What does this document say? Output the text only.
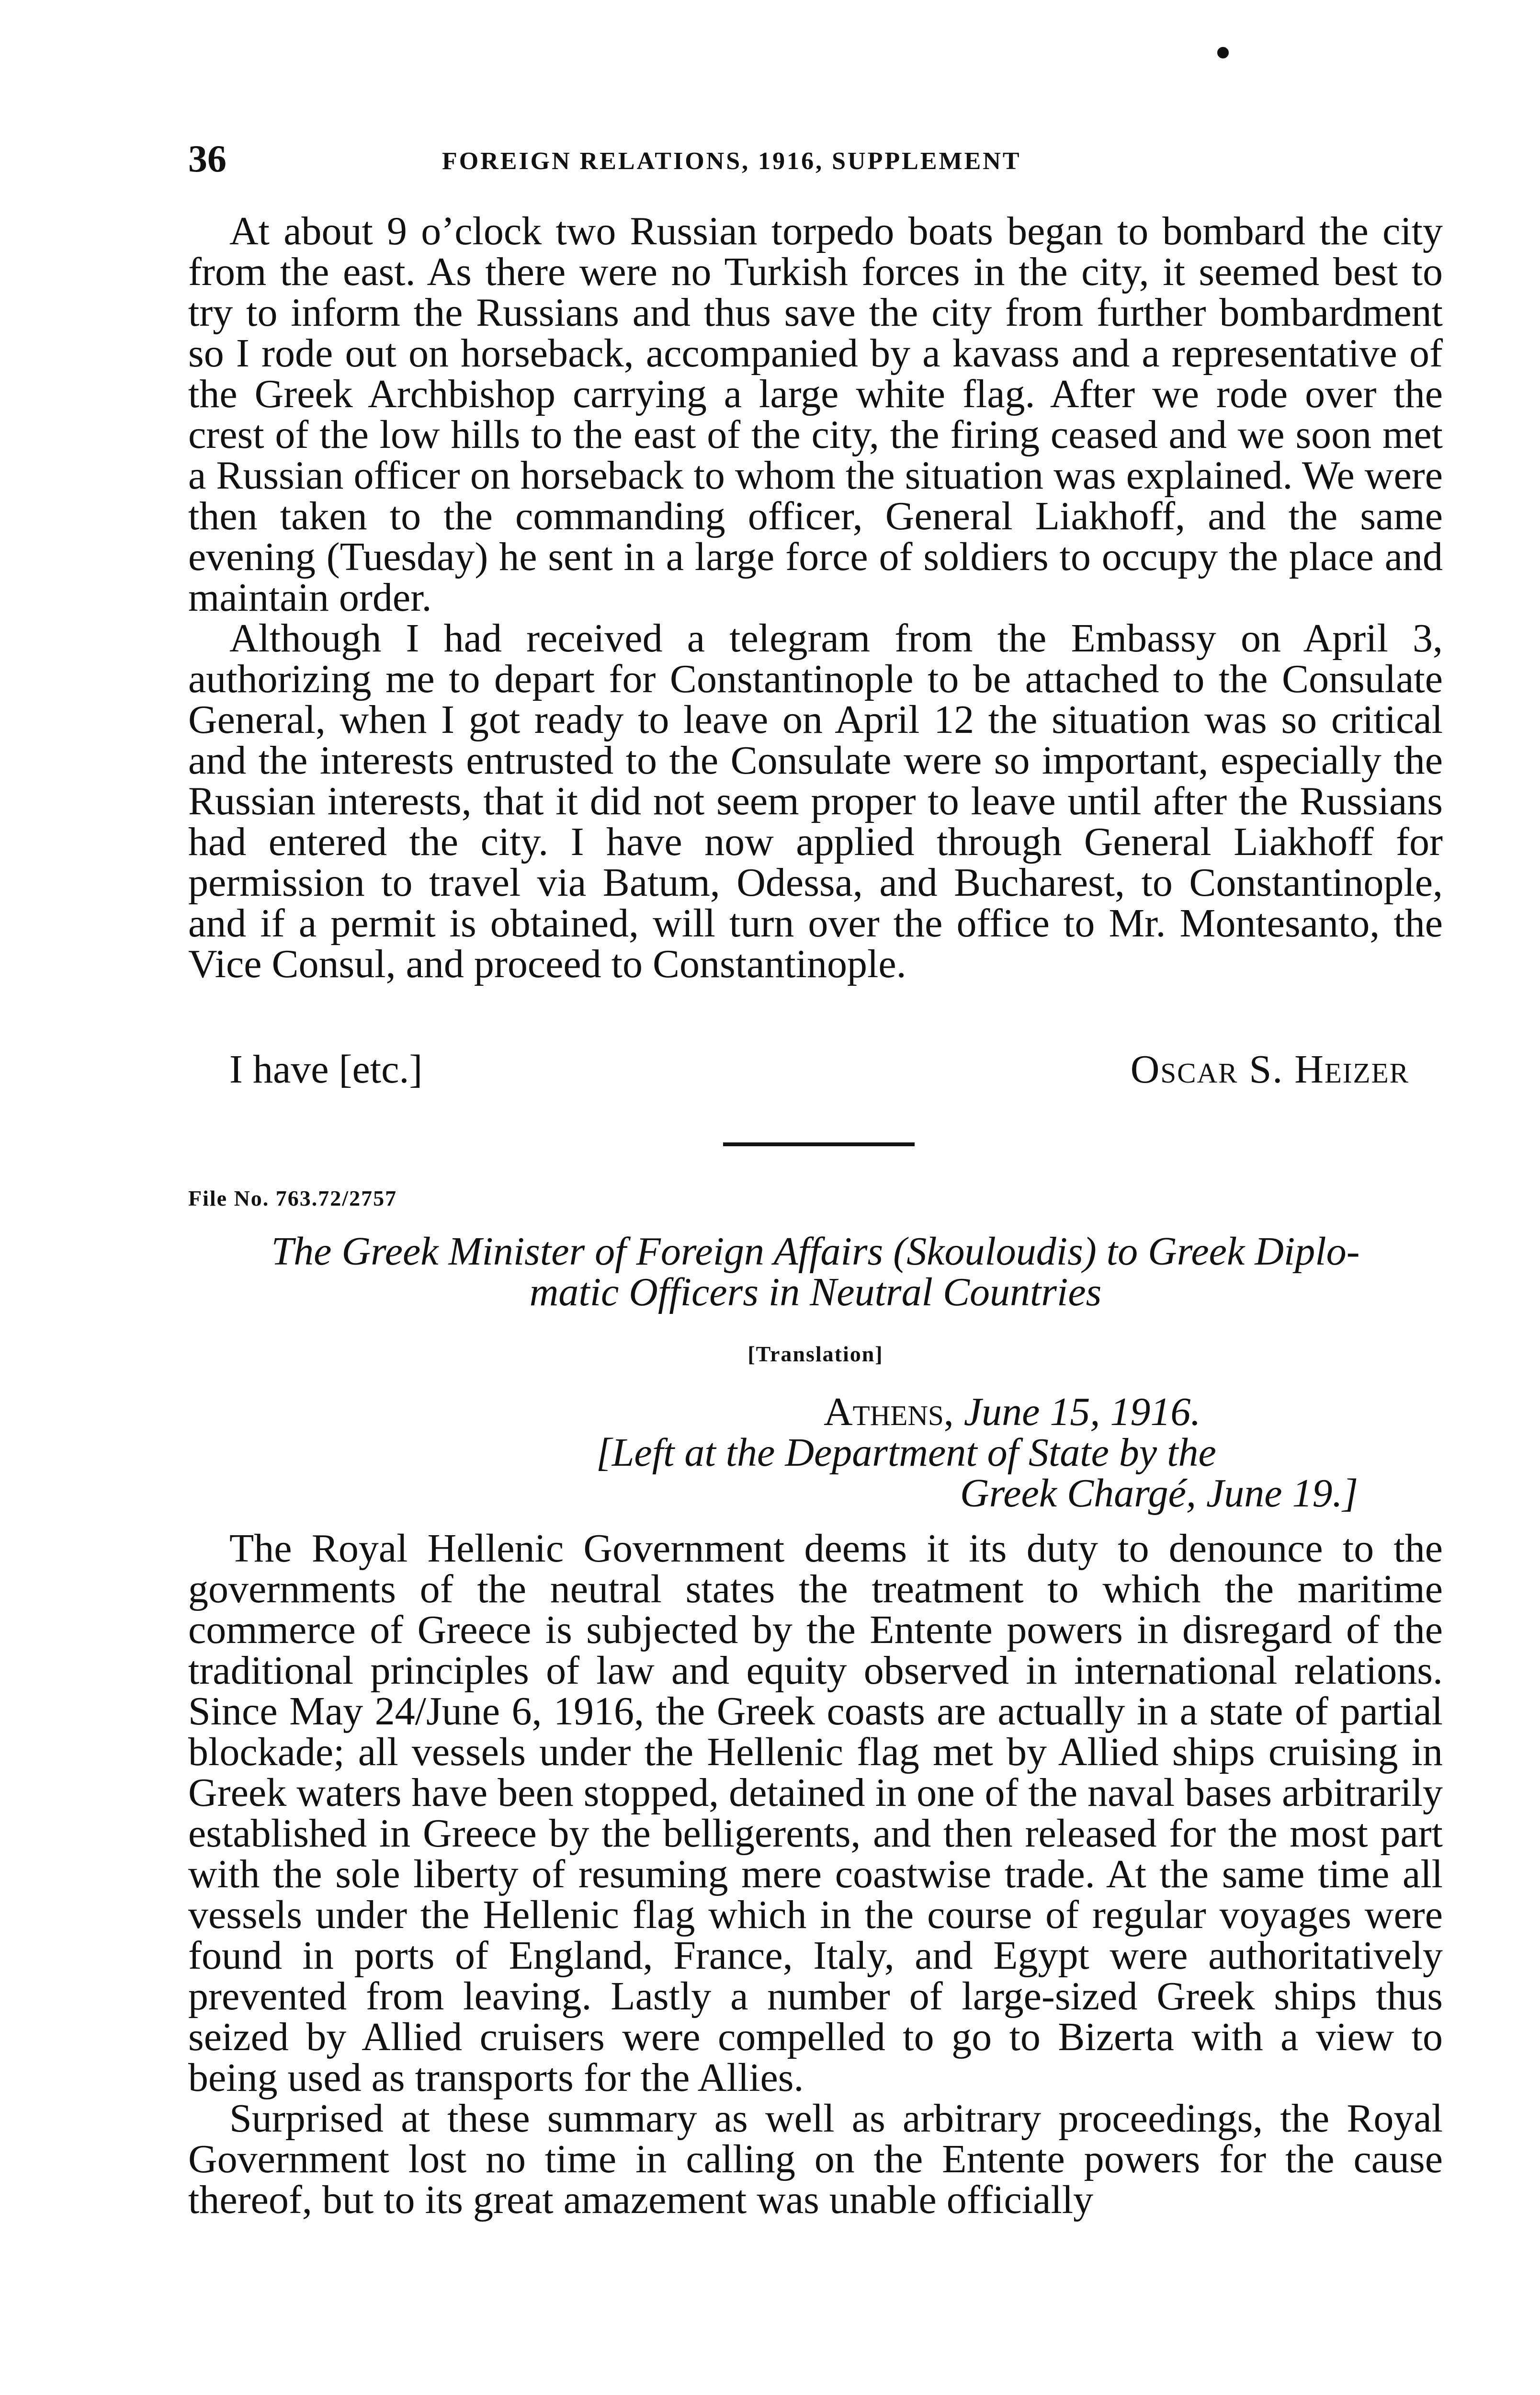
36	FOREIGN RELATIONS, 1916, SUPPLEMENT

At about 9 o’clock two Russian torpedo boats began to bombard the city from the east. As there were no Turkish forces in the city, it seemed best to try to inform the Russians and thus save the city from further bombardment so I rode out on horseback, accompanied by a kavass and a representative of the Greek Archbishop carrying a large white flag. After we rode over the crest of the low hills to the east of the city, the firing ceased and we soon met a Russian officer on horseback to whom the situation was explained. We were then taken to the commanding officer, General Liakhoff, and the same evening (Tuesday) he sent in a large force of soldiers to occupy the place and maintain order.

Although I had received a telegram from the Embassy on April 3, authorizing me to depart for Constantinople to be attached to the Consulate General, when I got ready to leave on April 12 the situation was so critical and the interests entrusted to the Consulate were so important, especially the Russian interests, that it did not seem proper to leave until after the Russians had entered the city. I have now applied through General Liakhoff for permission to travel via Batum, Odessa, and Bucharest, to Constantinople, and if a permit is obtained, will turn over the office to Mr. Montesanto, the Vice Consul, and proceed to Constantinople.

I have [etc.]	Oscar S. Heizer
File No. 763.72/2757
The Greek Minister of Foreign Affairs (Skouloudis) to Greek Diplo-
matic Officers in Neutral Countries
[Translation]
Athens, June 15, 1916.
[Left at the Department of State by the
Greek Chargé, June 19.]

The Royal Hellenic Government deems it its duty to denounce to the governments of the neutral states the treatment to which the maritime commerce of Greece is subjected by the Entente powers in disregard of the traditional principles of law and equity observed in international relations. Since May 24/June 6, 1916, the Greek coasts are actually in a state of partial blockade; all vessels under the Hellenic flag met by Allied ships cruising in Greek waters have been stopped, detained in one of the naval bases arbitrarily established in Greece by the belligerents, and then released for the most part with the sole liberty of resuming mere coastwise trade. At the same time all vessels under the Hellenic flag which in the course of regular voyages were found in ports of England, France, Italy, and Egypt were authoritatively prevented from leaving. Lastly a number of large-sized Greek ships thus seized by Allied cruisers were compelled to go to Bizerta with a view to being used as transports for the Allies.

Surprised at these summary as well as arbitrary proceedings, the Royal Government lost no time in calling on the Entente powers for the cause thereof, but to its great amazement was unable officially
